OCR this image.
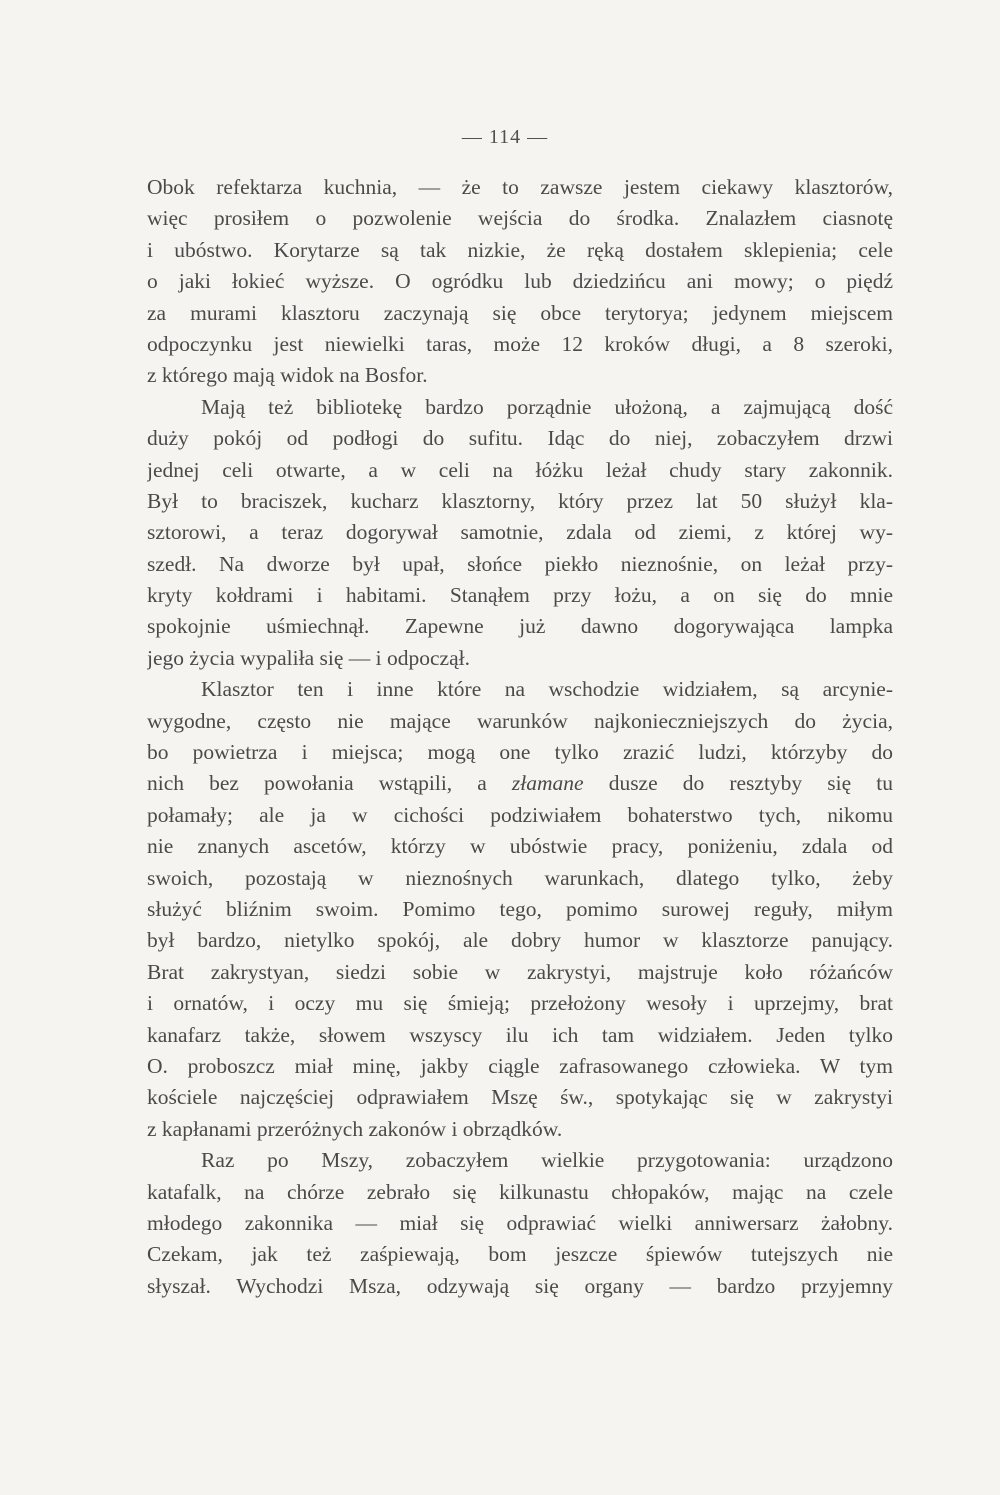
— 114 —
Obok refektarza kuchnia, — że to zawsze jestem ciekawy klasztorów,
więc prosiłem o pozwolenie wejścia do środka. Znalazłem ciasnotę
i ubóstwo. Korytarze są tak nizkie, że ręką dostałem sklepienia; cele
o jaki łokieć wyższe. O ogródku lub dziedzińcu ani mowy; o piędź
za murami klasztoru zaczynają się obce terytorya; jedynem miejscem
odpoczynku jest niewielki taras, może 12 kroków długi, a 8 szeroki,
z którego mają widok na Bosfor.
Mają też bibliotekę bardzo porządnie ułożoną, a zajmującą dość
duży pokój od podłogi do sufitu. Idąc do niej, zobaczyłem drzwi
jednej celi otwarte, a w celi na łóżku leżał chudy stary zakonnik.
Był to braciszek, kucharz klasztorny, który przez lat 50 służył kla-
sztorowi, a teraz dogorywał samotnie, zdala od ziemi, z której wy-
szedł. Na dworze był upał, słońce piekło nieznośnie, on leżał przy-
kryty kołdrami i habitami. Stanąłem przy łożu, a on się do mnie
spokojnie uśmiechnął. Zapewne już dawno dogorywająca lampka
jego życia wypaliła się — i odpoczął.
Klasztor ten i inne które na wschodzie widziałem, są arcynie-
wygodne, często nie mające warunków najkonieczniejszych do życia,
bo powietrza i miejsca; mogą one tylko zrazić ludzi, którzyby do
nich bez powołania wstąpili, a złamane dusze do resztyby się tu
połamały; ale ja w cichości podziwiałem bohaterstwo tych, nikomu
nie znanych ascetów, którzy w ubóstwie pracy, poniżeniu, zdala od
swoich, pozostają w nieznośnych warunkach, dlatego tylko, żeby
służyć bliźnim swoim. Pomimo tego, pomimo surowej reguły, miłym
był bardzo, nietylko spokój, ale dobry humor w klasztorze panujący.
Brat zakrystyan, siedzi sobie w zakrystyi, majstruje koło różańców
i ornatów, i oczy mu się śmieją; przełożony wesoły i uprzejmy, brat
kanafarz także, słowem wszyscy ilu ich tam widziałem. Jeden tylko
O. proboszcz miał minę, jakby ciągle zafrasowanego człowieka. W tym
kościele najczęściej odprawiałem Mszę św., spotykając się w zakrystyi
z kapłanami przeróżnych zakonów i obrządków.
Raz po Mszy, zobaczyłem wielkie przygotowania: urządzono
katafalk, na chórze zebrało się kilkunastu chłopaków, mając na czele
młodego zakonnika — miał się odprawiać wielki anniwersarz żałobny.
Czekam, jak też zaśpiewają, bom jeszcze śpiewów tutejszych nie
słyszał. Wychodzi Msza, odzywają się organy — bardzo przyjemny
